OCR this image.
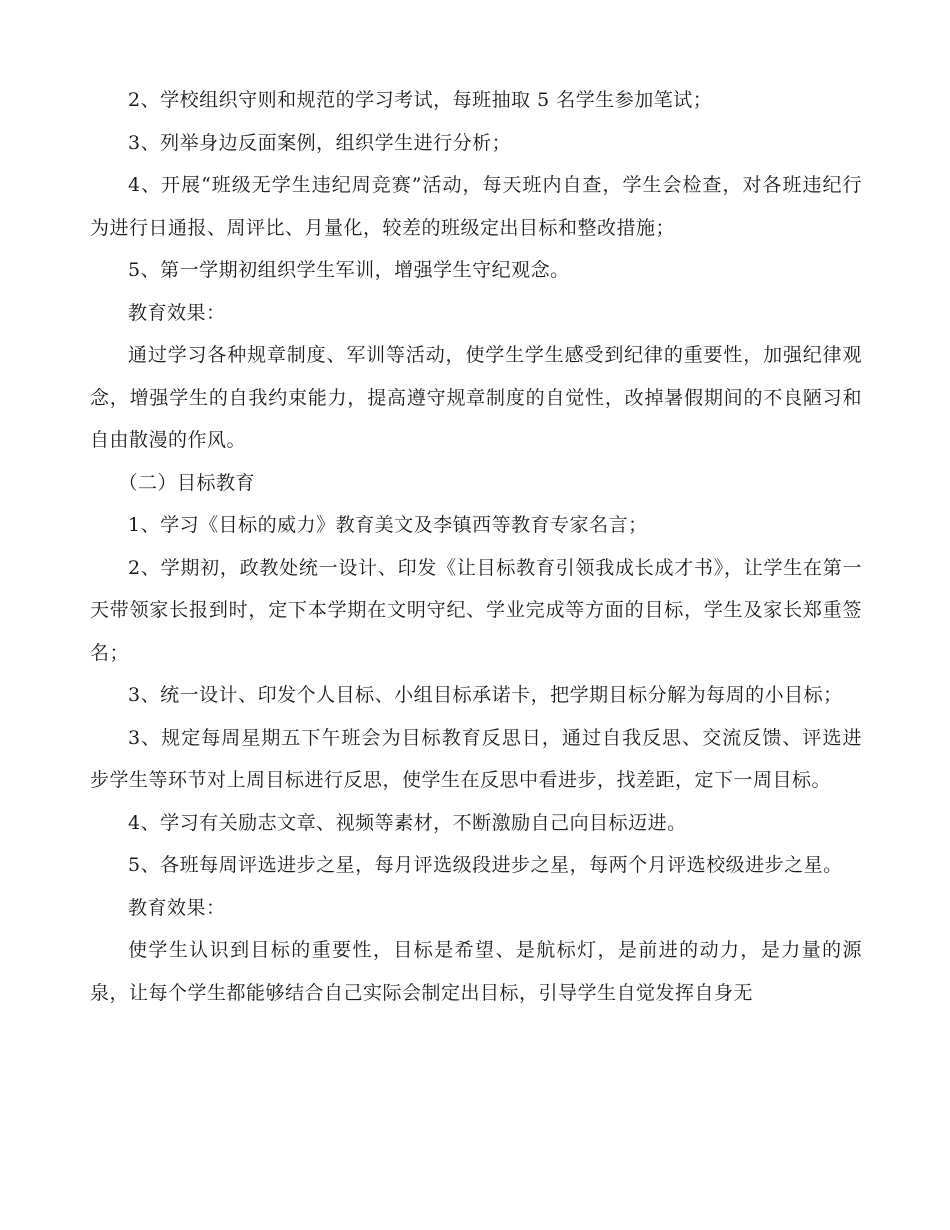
2、学校组织守则和规范的学习考试，每班抽取 5 名学生参加笔试；

3、列举身边反面案例，组织学生进行分析；

4、开展“班级无学生违纪周竞赛”活动，每天班内自查，学生会检查，对各班违纪行为进行日通报、周评比、月量化，较差的班级定出目标和整改措施；

5、第一学期初组织学生军训，增强学生守纪观念。

教育效果：

通过学习各种规章制度、军训等活动，使学生学生感受到纪律的重要性，加强纪律观念，增强学生的自我约束能力，提高遵守规章制度的自觉性，改掉暑假期间的不良陋习和自由散漫的作风。

（二）目标教育

1、学习《目标的威力》教育美文及李镇西等教育专家名言；

2、学期初，政教处统一设计、印发《让目标教育引领我成长成才书》，让学生在第一天带领家长报到时，定下本学期在文明守纪、学业完成等方面的目标，学生及家长郑重签名；

3、统一设计、印发个人目标、小组目标承诺卡，把学期目标分解为每周的小目标；

3、规定每周星期五下午班会为目标教育反思日，通过自我反思、交流反馈、评选进步学生等环节对上周目标进行反思，使学生在反思中看进步，找差距，定下一周目标。

4、学习有关励志文章、视频等素材，不断激励自己向目标迈进。

5、各班每周评选进步之星，每月评选级段进步之星，每两个月评选校级进步之星。

教育效果：

使学生认识到目标的重要性，目标是希望、是航标灯，是前进的动力，是力量的源泉，让每个学生都能够结合自己实际会制定出目标，引导学生自觉发挥自身无
